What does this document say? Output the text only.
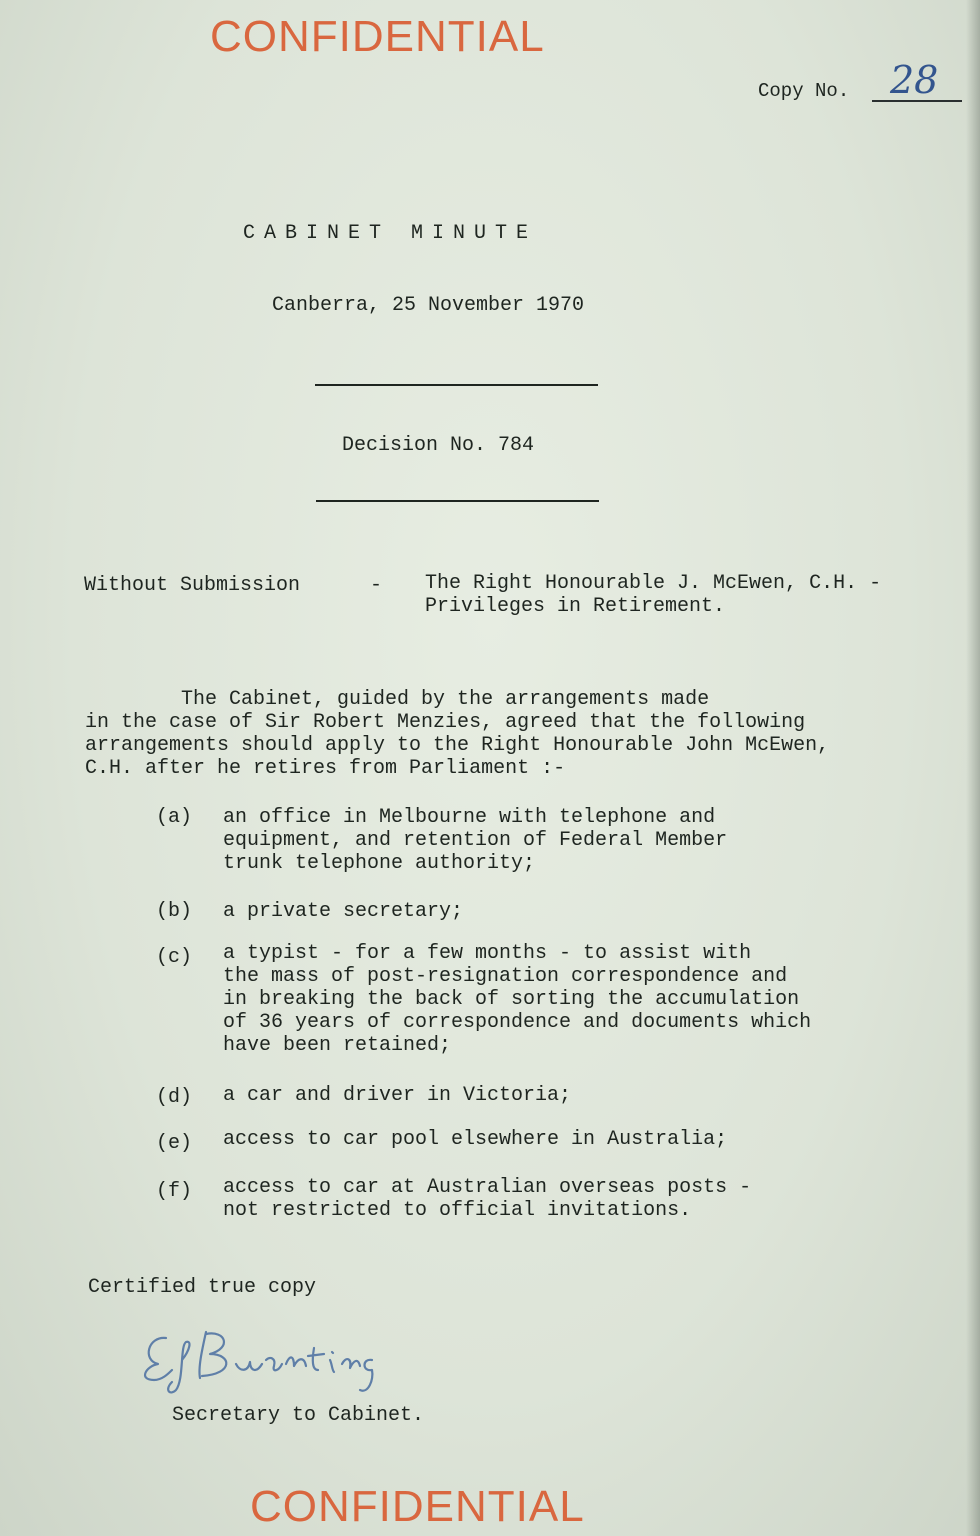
CONFIDENTIAL
Copy No. 28
CABINET MINUTE
Canberra, 25 November 1970
Decision No. 784
Without Submission	- The Right Honourable J. McEwen, C.H. -
Privileges in Retirement.
The Cabinet, guided by the arrangements made
in the case of Sir Robert Menzies, agreed that the following
arrangements should apply to the Right Honourable John McEwen,
C.H. after he retires from Parliament :-
(a) an office in Melbourne with telephone and
equipment, and retention of Federal Member
trunk telephone authority;
(b) a private secretary;
(c) a typist - for a few months - to assist with
the mass of post-resignation correspondence and
in breaking the back of sorting the accumulation
of 36 years of correspondence and documents which
have been retained;
(d) a car and driver in Victoria;
(e) access to car pool elsewhere in Australia;
(f) access to car at Australian overseas posts -
not restricted to official invitations.
Certified true copy
Secretary to Cabinet.
CONFIDENTIAL
